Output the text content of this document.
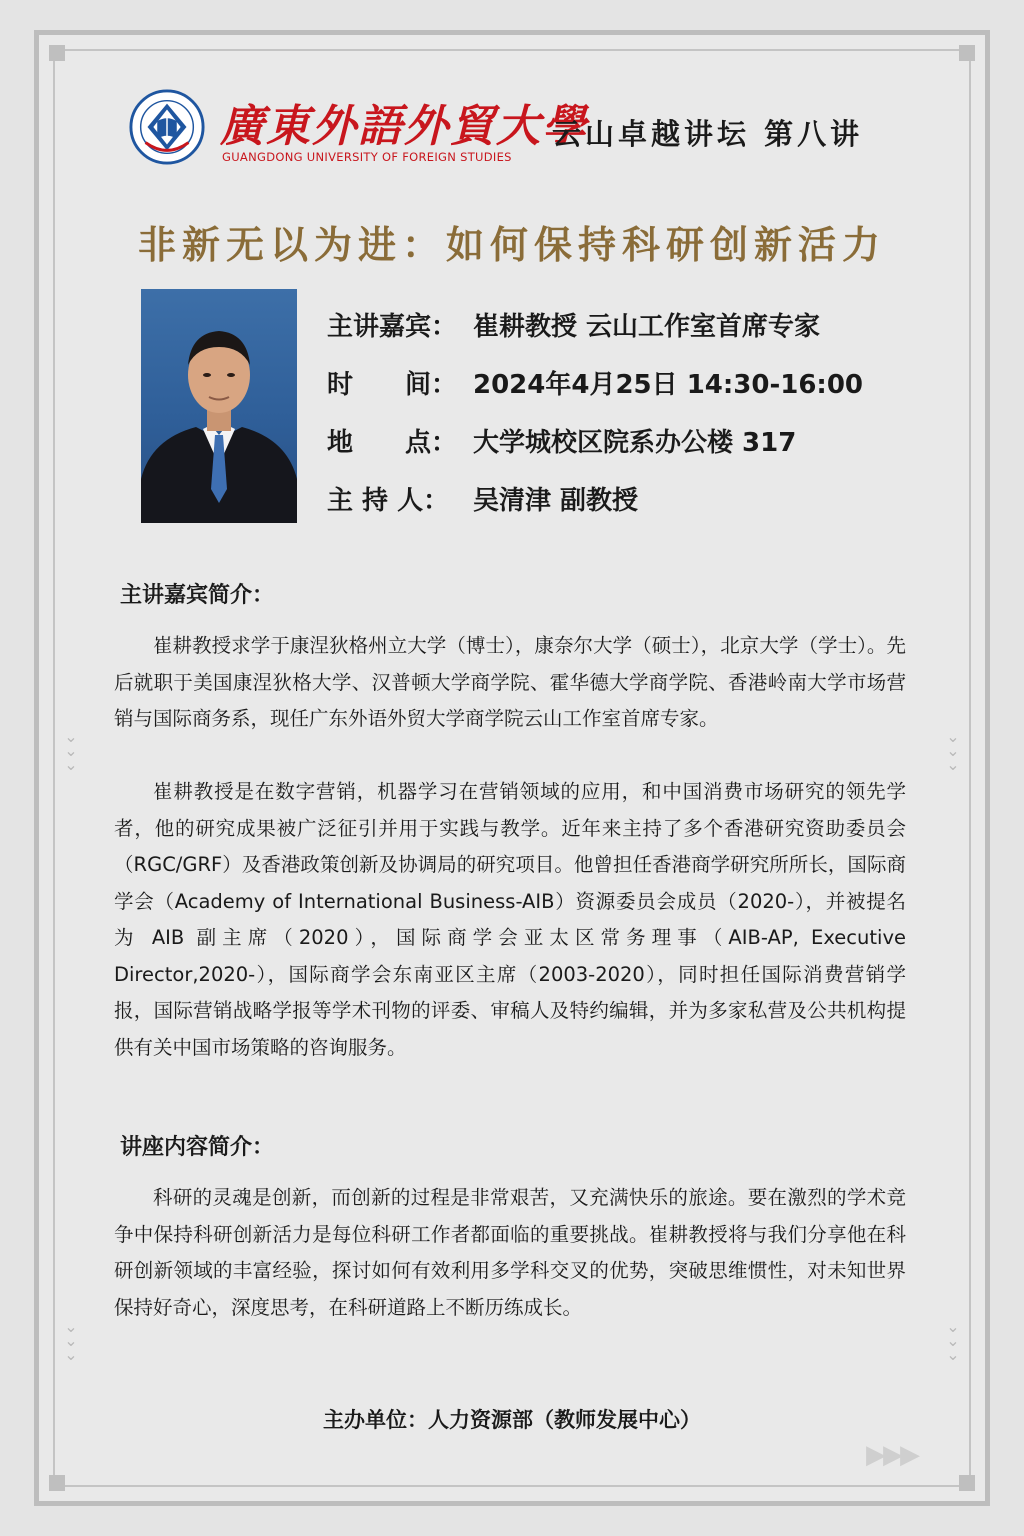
⌄
⌄
⌄
⌄
⌄
⌄
⌄
⌄
⌄
⌄
⌄
⌄
廣東外語外貿大學
GUANGDONG UNIVERSITY OF FOREIGN STUDIES
云山卓越讲坛 第八讲
非新无以为进：如何保持科研创新活力
主讲嘉宾： 崔耕教授 云山工作室首席专家
时　　间： 2024年4月25日 14:30-16:00
地　　点： 大学城校区院系办公楼 317
主 持 人： 吴清津 副教授
主讲嘉宾简介：
崔耕教授求学于康涅狄格州立大学（博士），康奈尔大学（硕士），北京大学（学士）。先后就职于美国康涅狄格大学、汉普顿大学商学院、霍华德大学商学院、香港岭南大学市场营销与国际商务系，现任广东外语外贸大学商学院云山工作室首席专家。
崔耕教授是在数字营销，机器学习在营销领域的应用，和中国消费市场研究的领先学者，他的研究成果被广泛征引并用于实践与教学。近年来主持了多个香港研究资助委员会（RGC/GRF）及香港政策创新及协调局的研究项目。他曾担任香港商学研究所所长，国际商学会（Academy of International Business-AIB）资源委员会成员（2020-），并被提名为 AIB 副主席（2020），国际商学会亚太区常务理事（AIB-AP, Executive Director,2020-），国际商学会东南亚区主席（2003-2020），同时担任国际消费营销学报，国际营销战略学报等学术刊物的评委、审稿人及特约编辑，并为多家私营及公共机构提供有关中国市场策略的咨询服务。
讲座内容简介：
科研的灵魂是创新，而创新的过程是非常艰苦，又充满快乐的旅途。要在激烈的学术竞争中保持科研创新活力是每位科研工作者都面临的重要挑战。崔耕教授将与我们分享他在科研创新领域的丰富经验，探讨如何有效利用多学科交叉的优势，突破思维惯性，对未知世界保持好奇心，深度思考，在科研道路上不断历练成长。
主办单位：人力资源部（教师发展中心）
▶▶▶
